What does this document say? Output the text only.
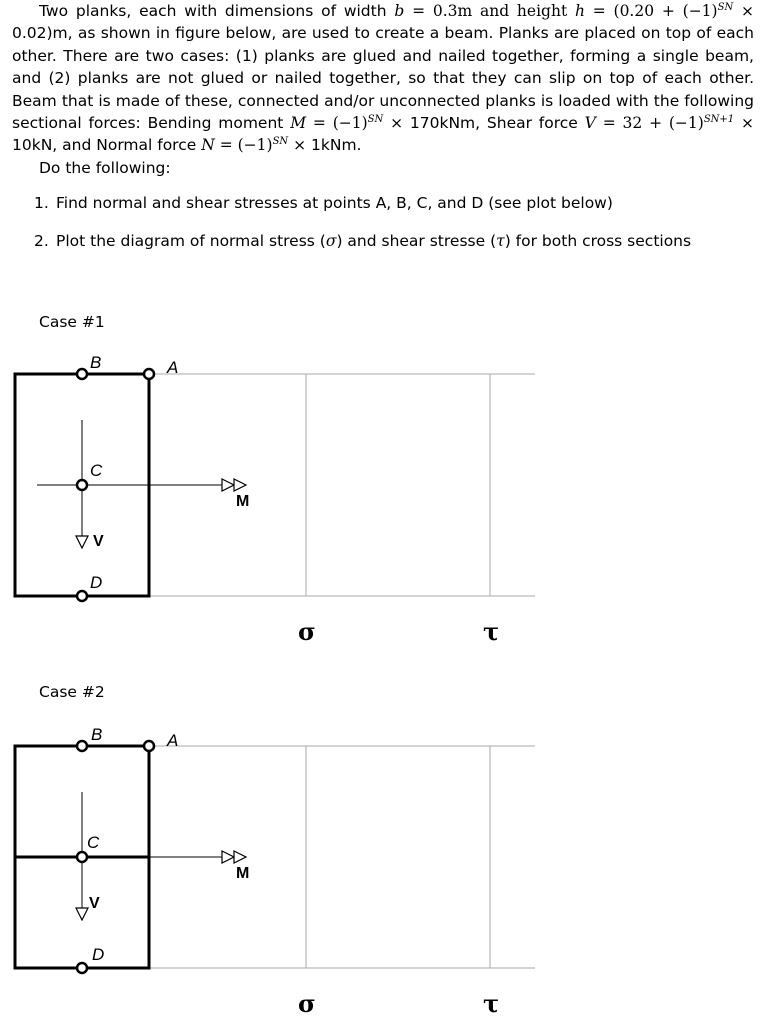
Two planks, each with dimensions of width b = 0.3m and height $h = (0.20 + (-1)^{SN} \times 0.02)m$, as shown in figure below, are used to create a beam. Planks are placed on top of each other. There are two cases: (1) planks are glued and nailed together, forming a single beam, and (2) planks are not glued or nailed together, so that they can slip on top of each other. Beam that is made of these, connected and/or unconnected planks is loaded with the following sectional forces: Bending moment $M = (-1)^{SN} \times 170kNm$, Shear force $V = 32 + (-1)^{SN+1} \times 10kN$, and Normal force $N = (-1)^{SN} \times 1kNm$.

Do the following:

1. Find normal and shear stresses at points A, B, C, and D (see plot below)
2. Plot the diagram of normal stress (σ) and shear stresse (τ) for both cross sections
Case #1
Case #2
B	A
C
D
V
M
σ	τ
B	A
C
D
V
M
σ	τ
